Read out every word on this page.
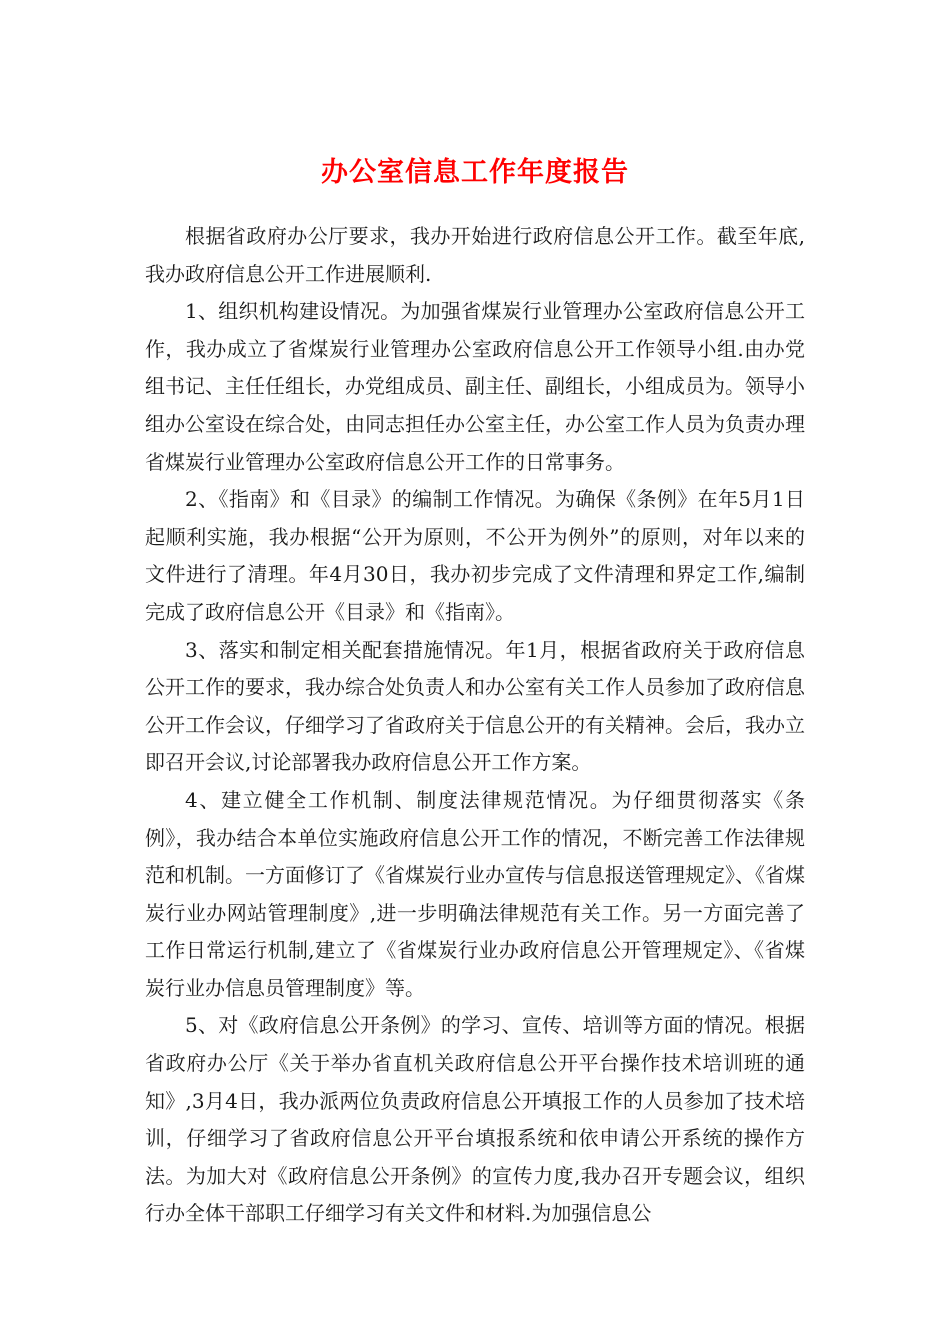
办公室信息工作年度报告

根据省政府办公厅要求，我办开始进行政府信息公开工作。截至年底,我办政府信息公开工作进展顺利.

1、组织机构建设情况。为加强省煤炭行业管理办公室政府信息公开工作，我办成立了省煤炭行业管理办公室政府信息公开工作领导小组.由办党组书记、主任任组长，办党组成员、副主任、副组长，小组成员为。领导小组办公室设在综合处，由同志担任办公室主任，办公室工作人员为负责办理省煤炭行业管理办公室政府信息公开工作的日常事务。

2、《指南》和《目录》的编制工作情况。为确保《条例》在年5月1日起顺利实施，我办根据“公开为原则，不公开为例外”的原则，对年以来的文件进行了清理。年4月30日，我办初步完成了文件清理和界定工作,编制完成了政府信息公开《目录》和《指南》。

3、落实和制定相关配套措施情况。年1月，根据省政府关于政府信息公开工作的要求，我办综合处负责人和办公室有关工作人员参加了政府信息公开工作会议，仔细学习了省政府关于信息公开的有关精神。会后，我办立即召开会议,讨论部署我办政府信息公开工作方案。

4、建立健全工作机制、制度法律规范情况。为仔细贯彻落实《条例》，我办结合本单位实施政府信息公开工作的情况，不断完善工作法律规范和机制。一方面修订了《省煤炭行业办宣传与信息报送管理规定》、《省煤炭行业办网站管理制度》,进一步明确法律规范有关工作。另一方面完善了工作日常运行机制,建立了《省煤炭行业办政府信息公开管理规定》、《省煤炭行业办信息员管理制度》等。

5、对《政府信息公开条例》的学习、宣传、培训等方面的情况。根据省政府办公厅《关于举办省直机关政府信息公开平台操作技术培训班的通知》,3月4日，我办派两位负责政府信息公开填报工作的人员参加了技术培训，仔细学习了省政府信息公开平台填报系统和依申请公开系统的操作方法。为加大对《政府信息公开条例》的宣传力度,我办召开专题会议，组织行办全体干部职工仔细学习有关文件和材料.为加强信息公
